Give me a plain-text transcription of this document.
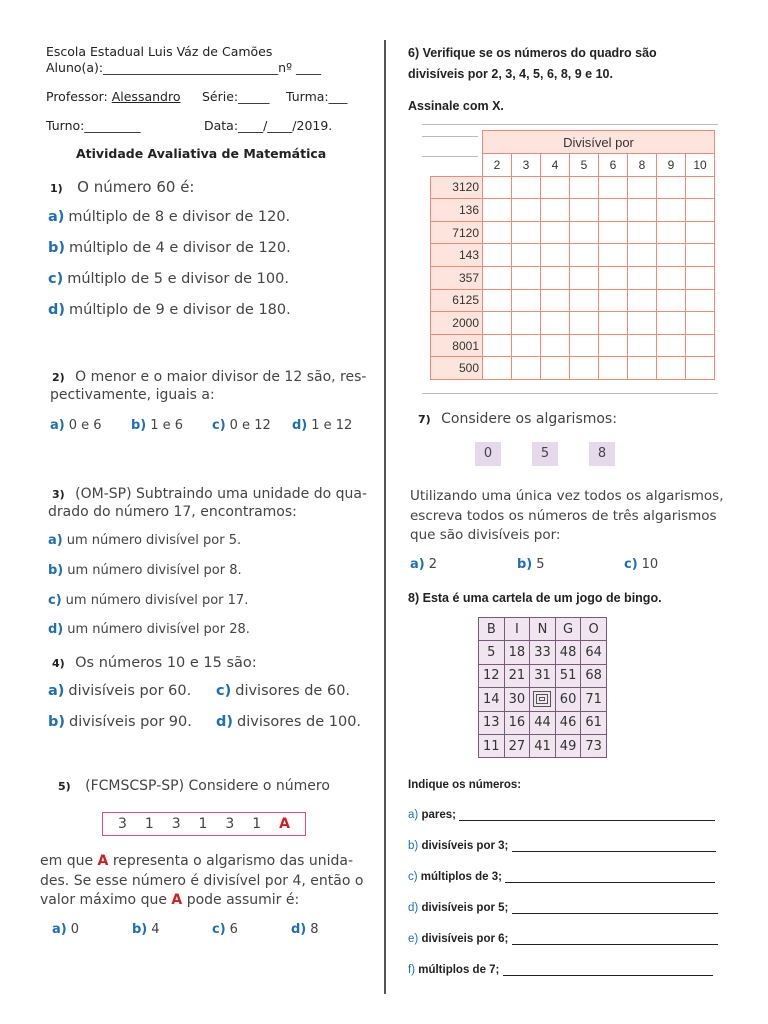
Escola Estadual Luis Váz de Camões
Aluno(a):____________________________nº ____
Professor: Alessandro Série:_____ Turma:___
Turno:_________	Data:____/____/2019.
Atividade Avaliativa de Matemática
1) O número 60 é:
a) múltiplo de 8 e divisor de 120.
b) múltiplo de 4 e divisor de 120.
c) múltiplo de 5 e divisor de 100.
d) múltiplo de 9 e divisor de 180.
2) O menor e o maior divisor de 12 são, res-
pectivamente, iguais a:
a) 0 e 6 b) 1 e 6 c) 0 e 12 d) 1 e 12
3) (OM-SP) Subtraindo uma unidade do qua-
drado do número 17, encontramos:
a) um número divisível por 5.
b) um número divisível por 8.
c) um número divisível por 17.
d) um número divisível por 28.
4) Os números 10 e 15 são:
a) divisíveis por 60. c) divisores de 60.
b) divisíveis por 90. d) divisores de 100.
5) (FCMSCSP-SP) Considere o número
3 1 3 1 3 1 A
em que A representa o algarismo das unida-
des. Se esse número é divisível por 4, então o
valor máximo que A pode assumir é:
a) 0	b) 4	c) 6	d) 8
6) Verifique se os números do quadro são
divisíveis por 2, 3, 4, 5, 6, 8, 9 e 10.
Assinale com X.
	Divisível por							
	2	3	4	5	6	8	9	10
3120								
136								
7120								
143								
357								
6125								
2000								
8001								
500								
7) Considere os algarismos:
0	5	8
Utilizando uma única vez todos os algarismos,
escreva todos os números de três algarismos
que são divisíveis por:
a) 2	b) 5	c) 10
8) Esta é uma cartela de um jogo de bingo.
B	I	N	G	O
5	18	33	48	64
12	21	31	51	68
14	30		60	71
13	16	44	46	61
11	27	41	49	73
Indique os números:
a) pares;
b) divisíveis por 3;
c) múltiplos de 3;
d) divisíveis por 5;
e) divisíveis por 6;
f) múltiplos de 7;
